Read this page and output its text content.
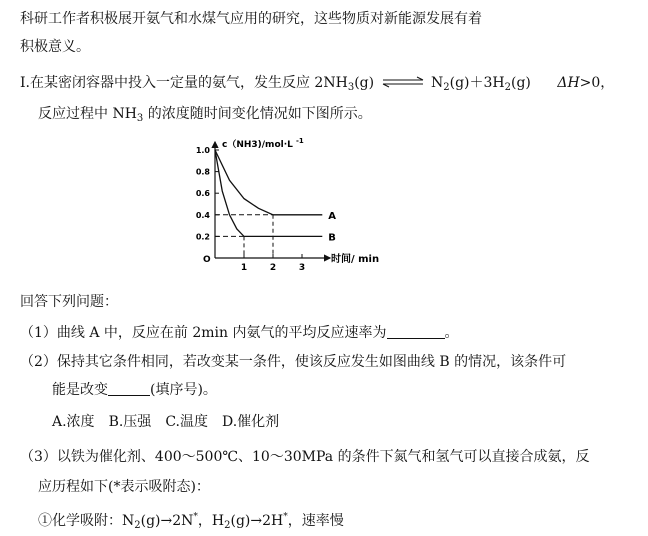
科研工作者积极展开氨气和水煤气应用的研究，这些物质对新能源发展有着
积极意义。
I.在某密闭容器中投入一定量的氨气，发生反应 $2NH_3(g)$ ⇌ $N_2(g)+3H_2(g)$ ΔH>0，
反应过程中 $NH_3$ 的浓度随时间变化情况如下图所示。
c（NH3)/mol·L $^{-1}$
时间/ min
O
1.0
0.8
0.6
0.4
0.2
1	2	3
A
B
回答下列问题：
（1）曲线 A 中，反应在前 2min 内氨气的平均反应速率为	。
（2）保持其它条件相同，若改变某一条件，使该反应发生如图曲线 B 的情况，该条件可
能是改变	(填序号)。
A.浓度 B.压强 C.温度 D.催化剂
（3）以铁为催化剂、400～500℃、10～30MPa 的条件下氮气和氢气可以直接合成氨，反
应历程如下(*表示吸附态)：
①化学吸附：$N_2(g)\to 2N^*$，$H_2(g)\to 2H^*$，速率慢
